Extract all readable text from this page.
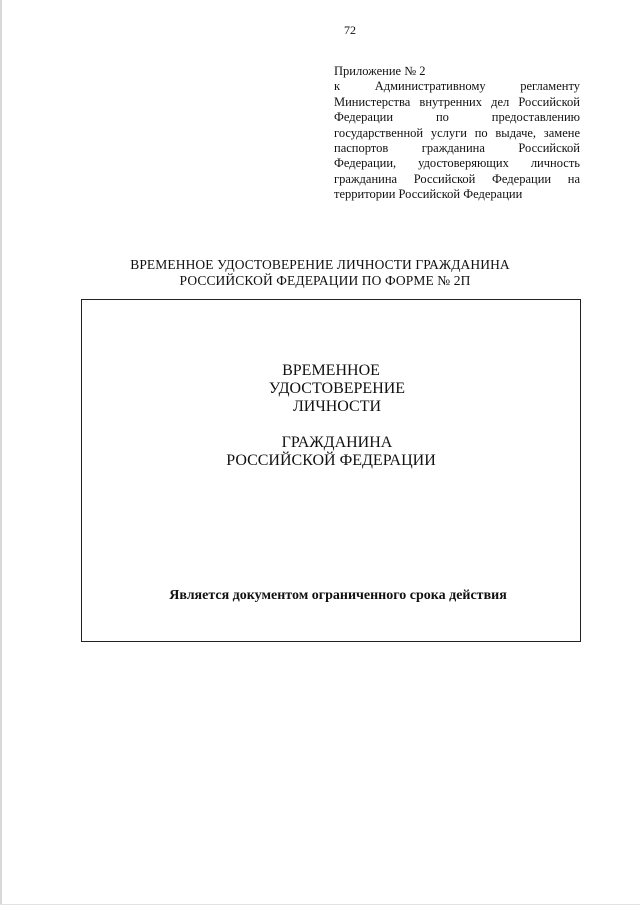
72
Приложение № 2
к Административному регламенту
Министерства внутренних дел Российской
Федерации по предоставлению
государственной услуги по выдаче, замене
паспортов гражданина Российской
Федерации, удостоверяющих личность
гражданина Российской Федерации на
территории Российской Федерации
ВРЕМЕННОЕ УДОСТОВЕРЕНИЕ ЛИЧНОСТИ ГРАЖДАНИНА
РОССИЙСКОЙ ФЕДЕРАЦИИ ПО ФОРМЕ № 2П
ВРЕМЕННОЕ
УДОСТОВЕРЕНИЕ
ЛИЧНОСТИ
ГРАЖДАНИНА
РОССИЙСКОЙ ФЕДЕРАЦИИ
Является документом ограниченного срока действия
